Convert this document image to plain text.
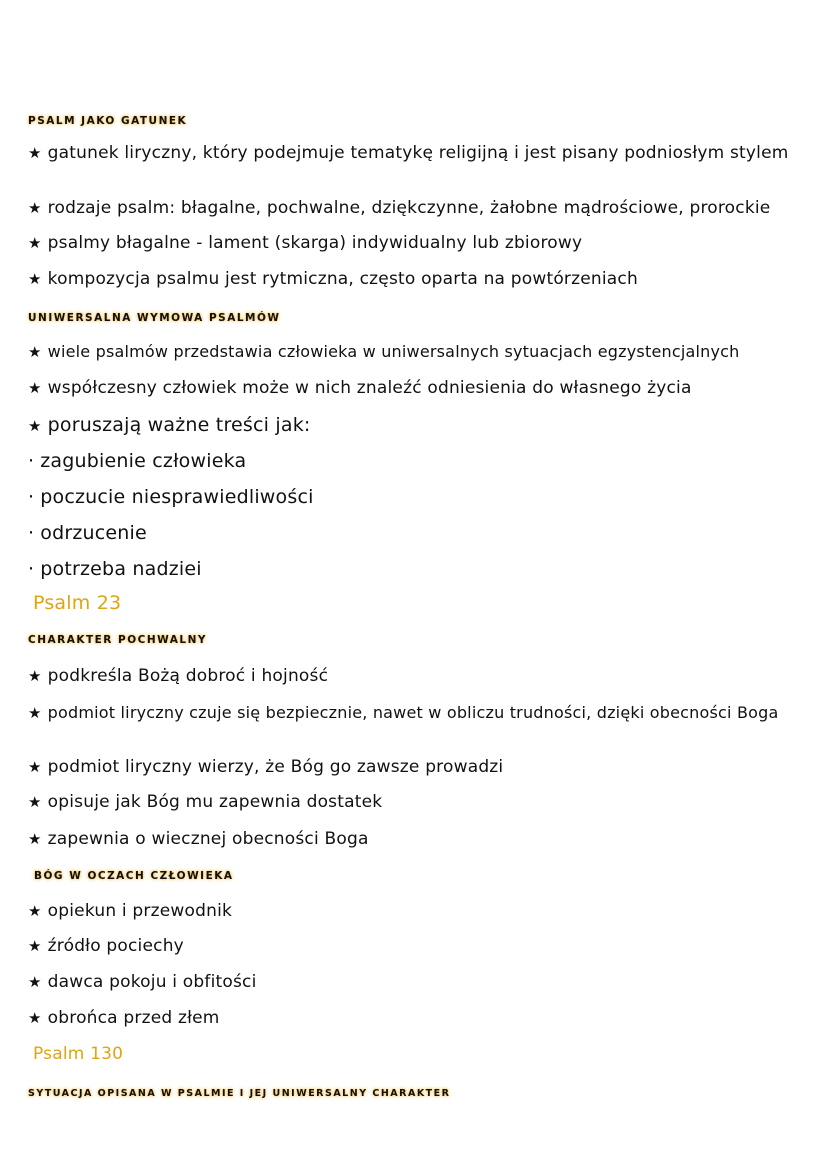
PSALM JAKO GATUNEK
★ gatunek liryczny, który podejmuje tematykę religijną i jest pisany podniosłym stylem
★ rodzaje psalm: błagalne, pochwalne, dziękczynne, żałobne mądrościowe, prorockie
★ psalmy błagalne - lament (skarga) indywidualny lub zbiorowy
★ kompozycja psalmu jest rytmiczna, często oparta na powtórzeniach
UNIWERSALNA WYMOWA PSALMÓW
★ wiele psalmów przedstawia człowieka w uniwersalnych sytuacjach egzystencjalnych
★ współczesny człowiek może w nich znaleźć odniesienia do własnego życia
★ poruszają ważne treści jak:
· zagubienie człowieka
· poczucie niesprawiedliwości
· odrzucenie
· potrzeba nadziei
Psalm 23
CHARAKTER POCHWALNY
★ podkreśla Bożą dobroć i hojność
★ podmiot liryczny czuje się bezpiecznie, nawet w obliczu trudności, dzięki obecności Boga
★ podmiot liryczny wierzy, że Bóg go zawsze prowadzi
★ opisuje jak Bóg mu zapewnia dostatek
★ zapewnia o wiecznej obecności Boga
BÓG W OCZACH CZŁOWIEKA
★ opiekun i przewodnik
★ źródło pociechy
★ dawca pokoju i obfitości
★ obrońca przed złem
Psalm 130
SYTUACJA OPISANA W PSALMIE I JEJ UNIWERSALNY CHARAKTER
